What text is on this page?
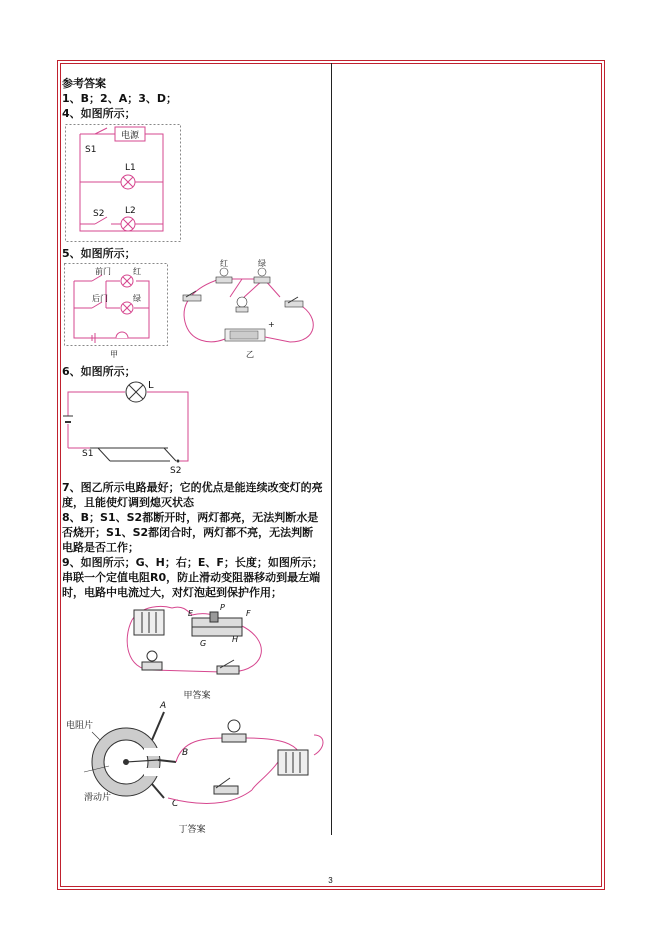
参考答案
1、B；2、A；3、D；
4、如图所示；
电源
S1
L1
S2 L2
5、如图所示；
前门	红
后门	绿
甲
红	绿
+
乙
6、如图所示；
L
S1
S2
7、图乙所示电路最好；它的优点是能连续改变灯的亮度，且能使灯调到熄灭状态
8、B；S1、S2都断开时，两灯都亮，无法判断水是否烧开；S1、S2都闭合时，两灯都不亮，无法判断电路是否工作；
9、如图所示；G、H；右；E、F；长度；如图所示；串联一个定值电阻R0，防止滑动变阻器移动到最左端时，电路中电流过大，对灯泡起到保护作用；
E
P
F
G	H
甲答案
电阻片
A
B
C
滑动片
丁答案
3
